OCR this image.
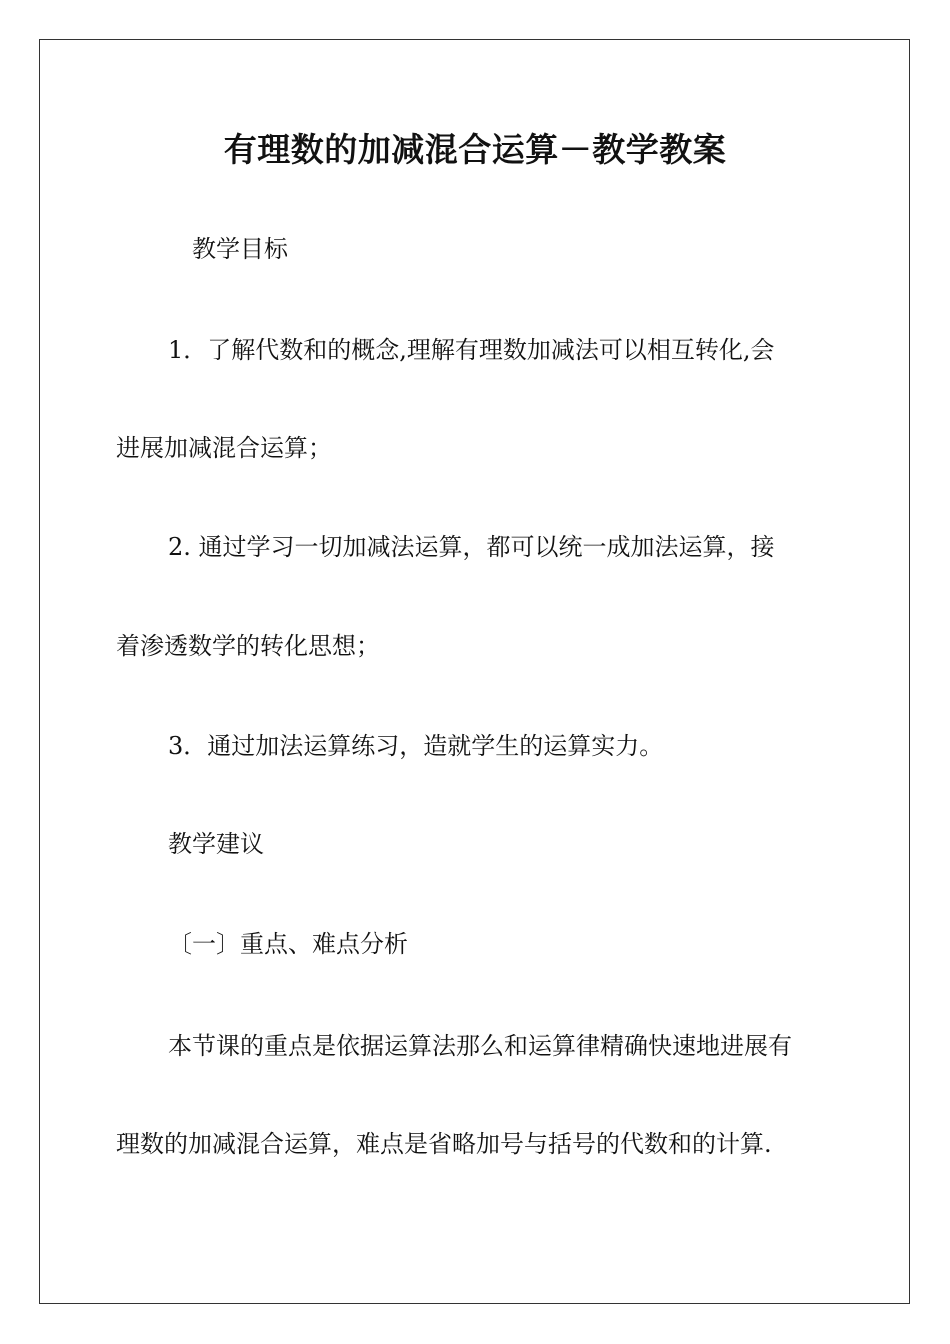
有理数的加减混合运算－教学教案

教学目标

1．了解代数和的概念,理解有理数加减法可以相互转化,会

进展加减混合运算；

2. 通过学习一切加减法运算，都可以统一成加法运算，接

着渗透数学的转化思想；

3．通过加法运算练习，造就学生的运算实力。

教学建议

〔一〕重点、难点分析

本节课的重点是依据运算法那么和运算律精确快速地进展有

理数的加减混合运算，难点是省略加号与括号的代数和的计算.
